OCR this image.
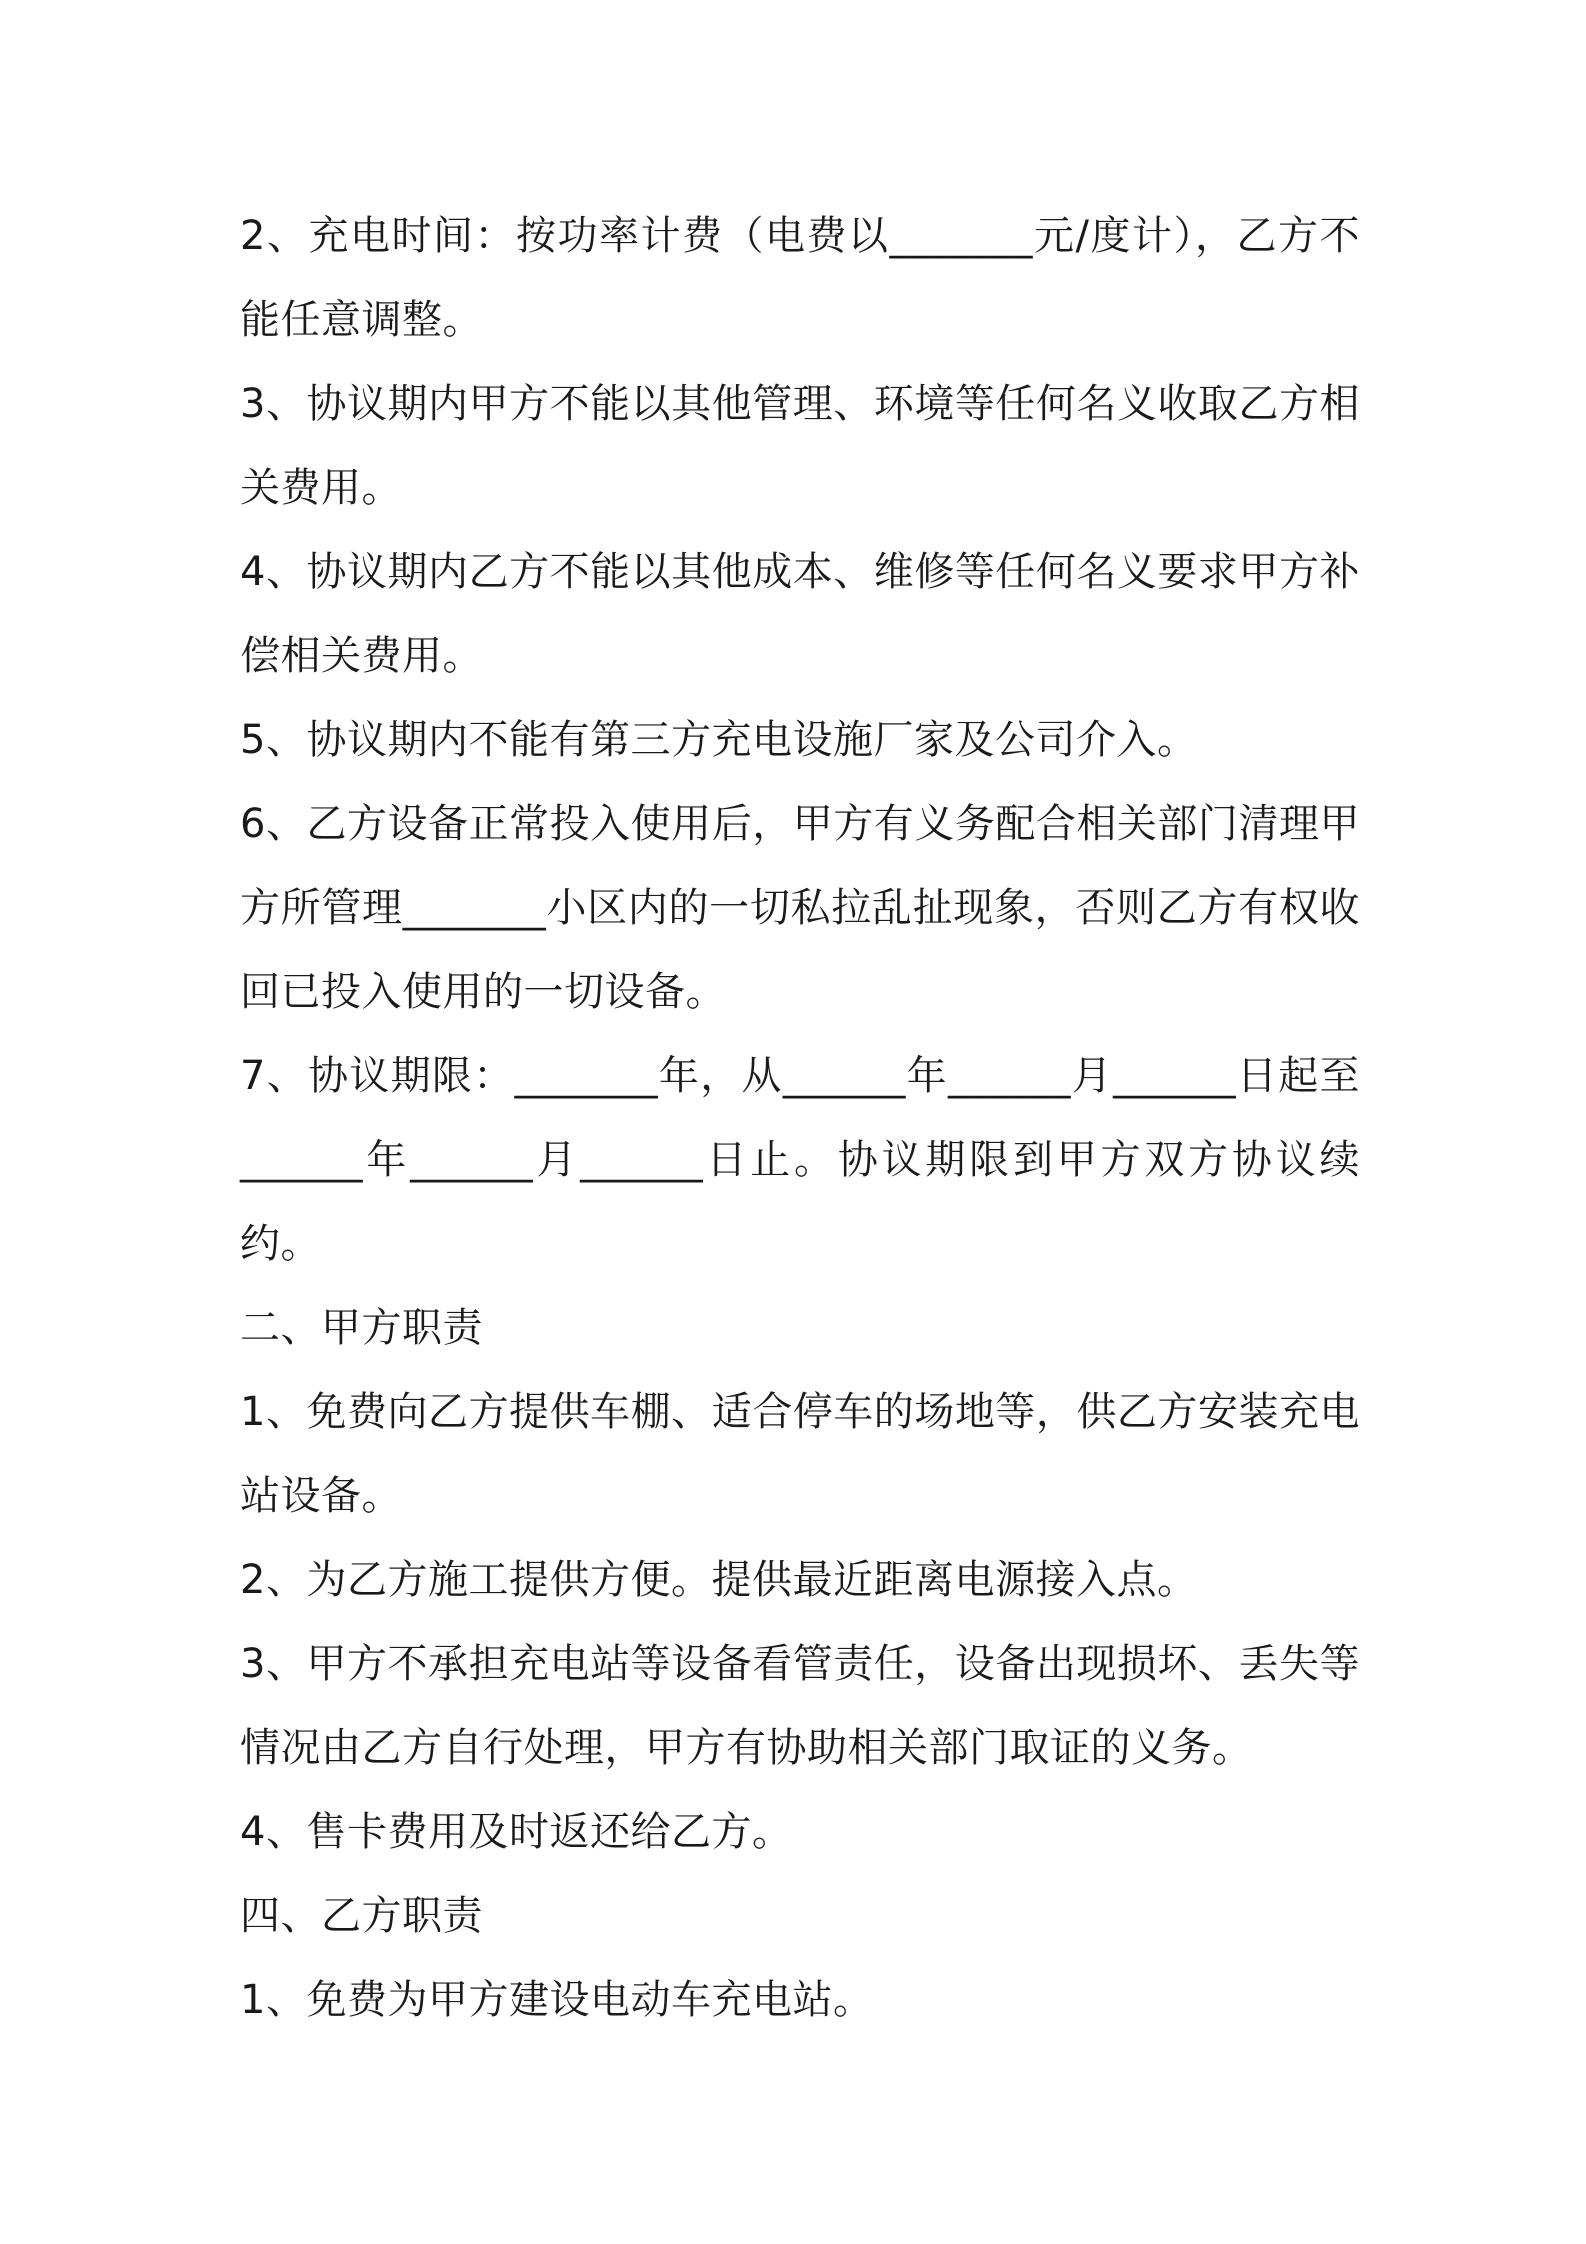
2、充电时间：按功率计费（电费以_______元/度计），乙方不能任意调整。

3、协议期内甲方不能以其他管理、环境等任何名义收取乙方相关费用。

4、协议期内乙方不能以其他成本、维修等任何名义要求甲方补偿相关费用。

5、协议期内不能有第三方充电设施厂家及公司介入。

6、乙方设备正常投入使用后，甲方有义务配合相关部门清理甲方所管理_______小区内的一切私拉乱扯现象，否则乙方有权收回已投入使用的一切设备。

7、协议期限：_______年，从______年______月______日起至______年______月______日止。协议期限到甲方双方协议续约。

二、甲方职责

1、免费向乙方提供车棚、适合停车的场地等，供乙方安装充电站设备。

2、为乙方施工提供方便。提供最近距离电源接入点。

3、甲方不承担充电站等设备看管责任，设备出现损坏、丢失等情况由乙方自行处理，甲方有协助相关部门取证的义务。

4、售卡费用及时返还给乙方。

四、乙方职责

1、免费为甲方建设电动车充电站。
